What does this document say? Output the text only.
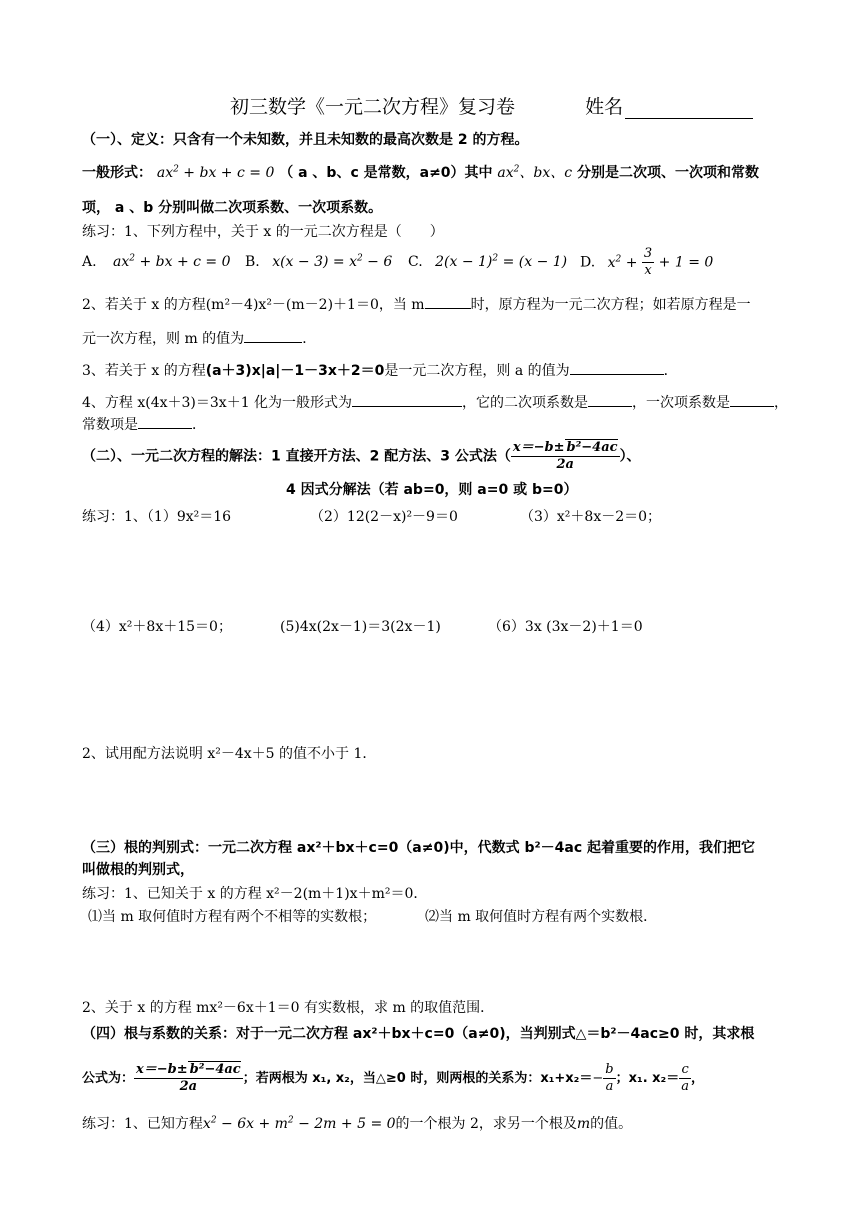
初三数学《一元二次方程》复习卷	姓名
（一）、定义：只含有一个未知数，并且未知数的最高次数是 2 的方程。
一般形式： $ax^2$ + bx + c = 0 （ a 、b、c 是常数，a≠0）其中 $ax^2$、bx、c 分别是二次项、一次项和常数
项， a 、b 分别叫做二次项系数、一次项系数。
练习：1、下列方程中，关于 x 的一元二次方程是（　　）
A. $ax^2$ + bx + c = 0 B. $x(x - 3) = x^2 - 6$ C. $2(x - 1)^2 = (x - 1)$ D. $x^2 + \frac{3}{x} + 1 = 0$
2、若关于 x 的方程(m²－4)x²－(m－2)＋1＝0，当 m	时，原方程为一元二次方程；如若原方程是一
元一次方程，则 m 的值为	．
3、若关于 x 的方程(a＋3)x|a|－1－3x＋2＝0是一元二次方程，则 a 的值为	．
4、方程 x(4x＋3)＝3x＋1 化为一般形式为	，它的二次项系数是	，一次项系数是	，
常数项是	．
（二）、一元二次方程的解法：1 直接开方法、2 配方法、3 公式法（ $\frac{\text{x＝−b± b²−4ac}}{2a}$ ）、
4 因式分解法（若 ab=0，则 a=0 或 b=0）
练习：1、（1）9x²＝16	（2）12(2－x)²－9＝0	（3）x²＋8x－2＝0；
（4）x²＋8x＋15＝0；	(5)4x(2x－1)＝3(2x－1)	（6）3x (3x－2)＋1＝0
2、试用配方法说明 x²－4x＋5 的值不小于 1．
（三）根的判别式：一元二次方程 ax²＋bx＋c=0（a≠0)中，代数式 b²－4ac 起着重要的作用，我们把它
叫做根的判别式，
练习：1、已知关于 x 的方程 x²－2(m＋1)x＋m²＝0．
⑴当 m 取何值时方程有两个不相等的实数根；	⑵当 m 取何值时方程有两个实数根．
2、关于 x 的方程 mx²－6x＋1＝0 有实数根，求 m 的取值范围．
（四）根与系数的关系：对于一元二次方程 ax²＋bx＋c=0（a≠0)，当判别式△＝b²－4ac≥0 时，其求根
公式为： $\frac{\text{x＝−b± b²−4ac}}{2a}$ ；若两根为 x₁, x₂，当△≥0 时，则两根的关系为：$x_1+x_2=- \frac{b}{a}$ ；x₁. $x_2= \frac{c}{a}$ ，
练习：1、已知方程$x^2 - 6x + m^2 - 2m + 5 = 0$的一个根为 2，求另一个根及m的值。
